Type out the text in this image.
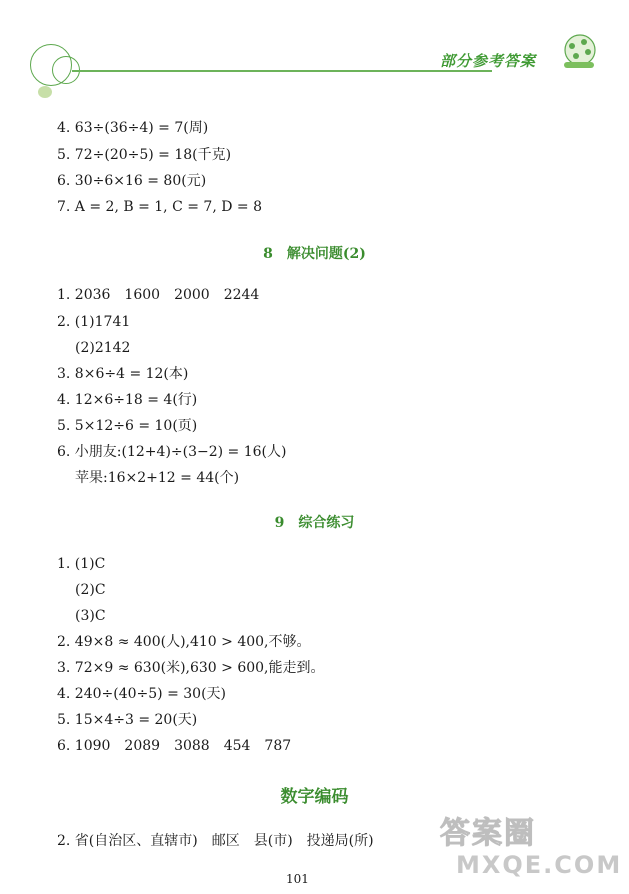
部分参考答案
4. 63÷(36÷4) = 7(周)
5. 72÷(20÷5) = 18(千克)
6. 30÷6×16 = 80(元)
7. A = 2, B = 1, C = 7, D = 8
8　解决问题(2)
1. 2036　1600　2000　2244
2. (1)1741
(2)2142
3. 8×6÷4 = 12(本)
4. 12×6÷18 = 4(行)
5. 5×12÷6 = 10(页)
6. 小朋友:(12+4)÷(3−2) = 16(人)
苹果:16×2+12 = 44(个)
9　综合练习
1. (1)C
(2)C
(3)C
2. 49×8 ≈ 400(人),410 > 400,不够。
3. 72×9 ≈ 630(米),630 > 600,能走到。
4. 240÷(40÷5) = 30(天)
5. 15×4÷3 = 20(天)
6. 1090　2089　3088　454　787
数字编码
2. 省(自治区、直辖市)　邮区　县(市)　投递局(所) 答案圈
MXQE.COM
101
